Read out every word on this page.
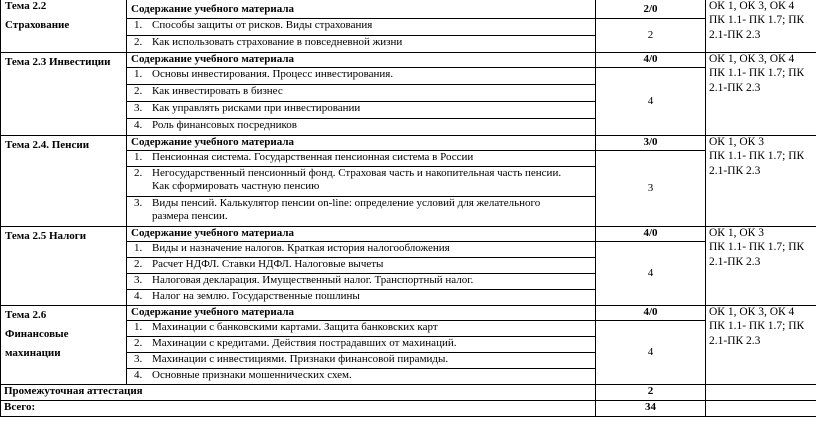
Тема 2.2
Страхование	Содержание учебного материала	2/0	ОК 1, ОК 3, ОК 4
ПК 1.1- ПК 1.7; ПК
2.1-ПК 2.3

	1. Способы защиты от рисков. Виды страхования	2	
	2. Как использовать страхование в повседневной жизни		

Тема 2.3 Инвестиции	Содержание учебного материала	4/0	ОК 1, ОК 3, ОК 4
ПК 1.1- ПК 1.7; ПК
2.1-ПК 2.3

	1. Основы инвестирования. Процесс инвестирования.	4	
	2. Как инвестировать в бизнес		
	3. Как управлять рисками при инвестировании		
	4. Роль финансовых посредников		

Тема 2.4. Пенсии	Содержание учебного материала	3/0	ОК 1, ОК 3
ПК 1.1- ПК 1.7; ПК
2.1-ПК 2.3

	1. Пенсионная система. Государственная пенсионная система в России	3	
	2. Негосударственный пенсионный фонд. Страховая часть и накопительная часть пенсии. Как сформировать частную пенсию		
	3. Виды пенсий. Калькулятор пенсии on-line: определение условий для желательного размера пенсии.		

Тема 2.5 Налоги	Содержание учебного материала	4/0	ОК 1, ОК 3
ПК 1.1- ПК 1.7; ПК
2.1-ПК 2.3

	1. Виды и назначение налогов. Краткая история налогообложения	4	
	2. Расчет НДФЛ. Ставки НДФЛ. Налоговые вычеты		
	3. Налоговая декларация. Имущественный налог. Транспортный налог.		
	4. Налог на землю. Государственные пошлины		

Тема 2.6
Финансовые
махинации	Содержание учебного материала	4/0	ОК 1, ОК 3, ОК 4
ПК 1.1- ПК 1.7; ПК
2.1-ПК 2.3

	1. Махинации с банковскими картами. Защита банковских карт	4	
	2. Махинации с кредитами. Действия пострадавших от махинаций.		
	3. Махинации с инвестициями. Признаки финансовой пирамиды.		
	4. Основные признаки мошеннических схем.		
Промежуточная аттестация		2	
Всего:		34	
